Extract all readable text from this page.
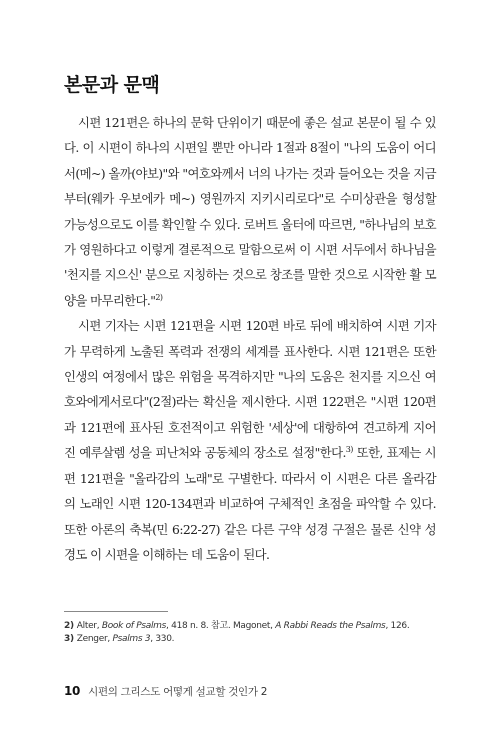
본문과 문맥

시편 121편은 하나의 문학 단위이기 때문에 좋은 설교 본문이 될 수 있다. 이 시편이 하나의 시편일 뿐만 아니라 1절과 8절이 "나의 도움이 어디서(메~) 올까(야보)"와 "여호와께서 너의 나가는 것과 들어오는 것을 지금부터(웨카 우보에카 메~) 영원까지 지키시리로다"로 수미상관을 형성할 가능성으로도 이를 확인할 수 있다. 로버트 올터에 따르면, "하나님의 보호가 영원하다고 이렇게 결론적으로 말함으로써 이 시편 서두에서 하나님을 '천지를 지으신' 분으로 지칭하는 것으로 창조를 말한 것으로 시작한 활 모양을 마무리한다."$^{2)}$

시편 기자는 시편 121편을 시편 120편 바로 뒤에 배치하여 시편 기자가 무력하게 노출된 폭력과 전쟁의 세계를 표사한다. 시편 121편은 또한 인생의 여정에서 많은 위험을 목격하지만 "나의 도움은 천지를 지으신 여호와에게서로다"(2절)라는 확신을 제시한다. 시편 122편은 "시편 120편과 121편에 표사된 호전적이고 위험한 '세상'에 대항하여 견고하게 지어진 예루살렘 성을 피난처와 공동체의 장소로 설정"한다.$^{3)}$ 또한, 표제는 시편 121편을 "올라감의 노래"로 구별한다. 따라서 이 시편은 다른 올라감의 노래인 시편 120-134편과 비교하여 구체적인 초점을 파악할 수 있다. 또한 아론의 축복(민 6:22-27) 같은 다른 구약 성경 구절은 물론 신약 성경도 이 시편을 이해하는 데 도움이 된다.

2) Alter, Book of Psalms, 418 n. 8. 참고. Magonet, A Rabbi Reads the Psalms, 126.
3) Zenger, Psalms 3, 330.
10 시편의 그리스도 어떻게 설교할 것인가 2
